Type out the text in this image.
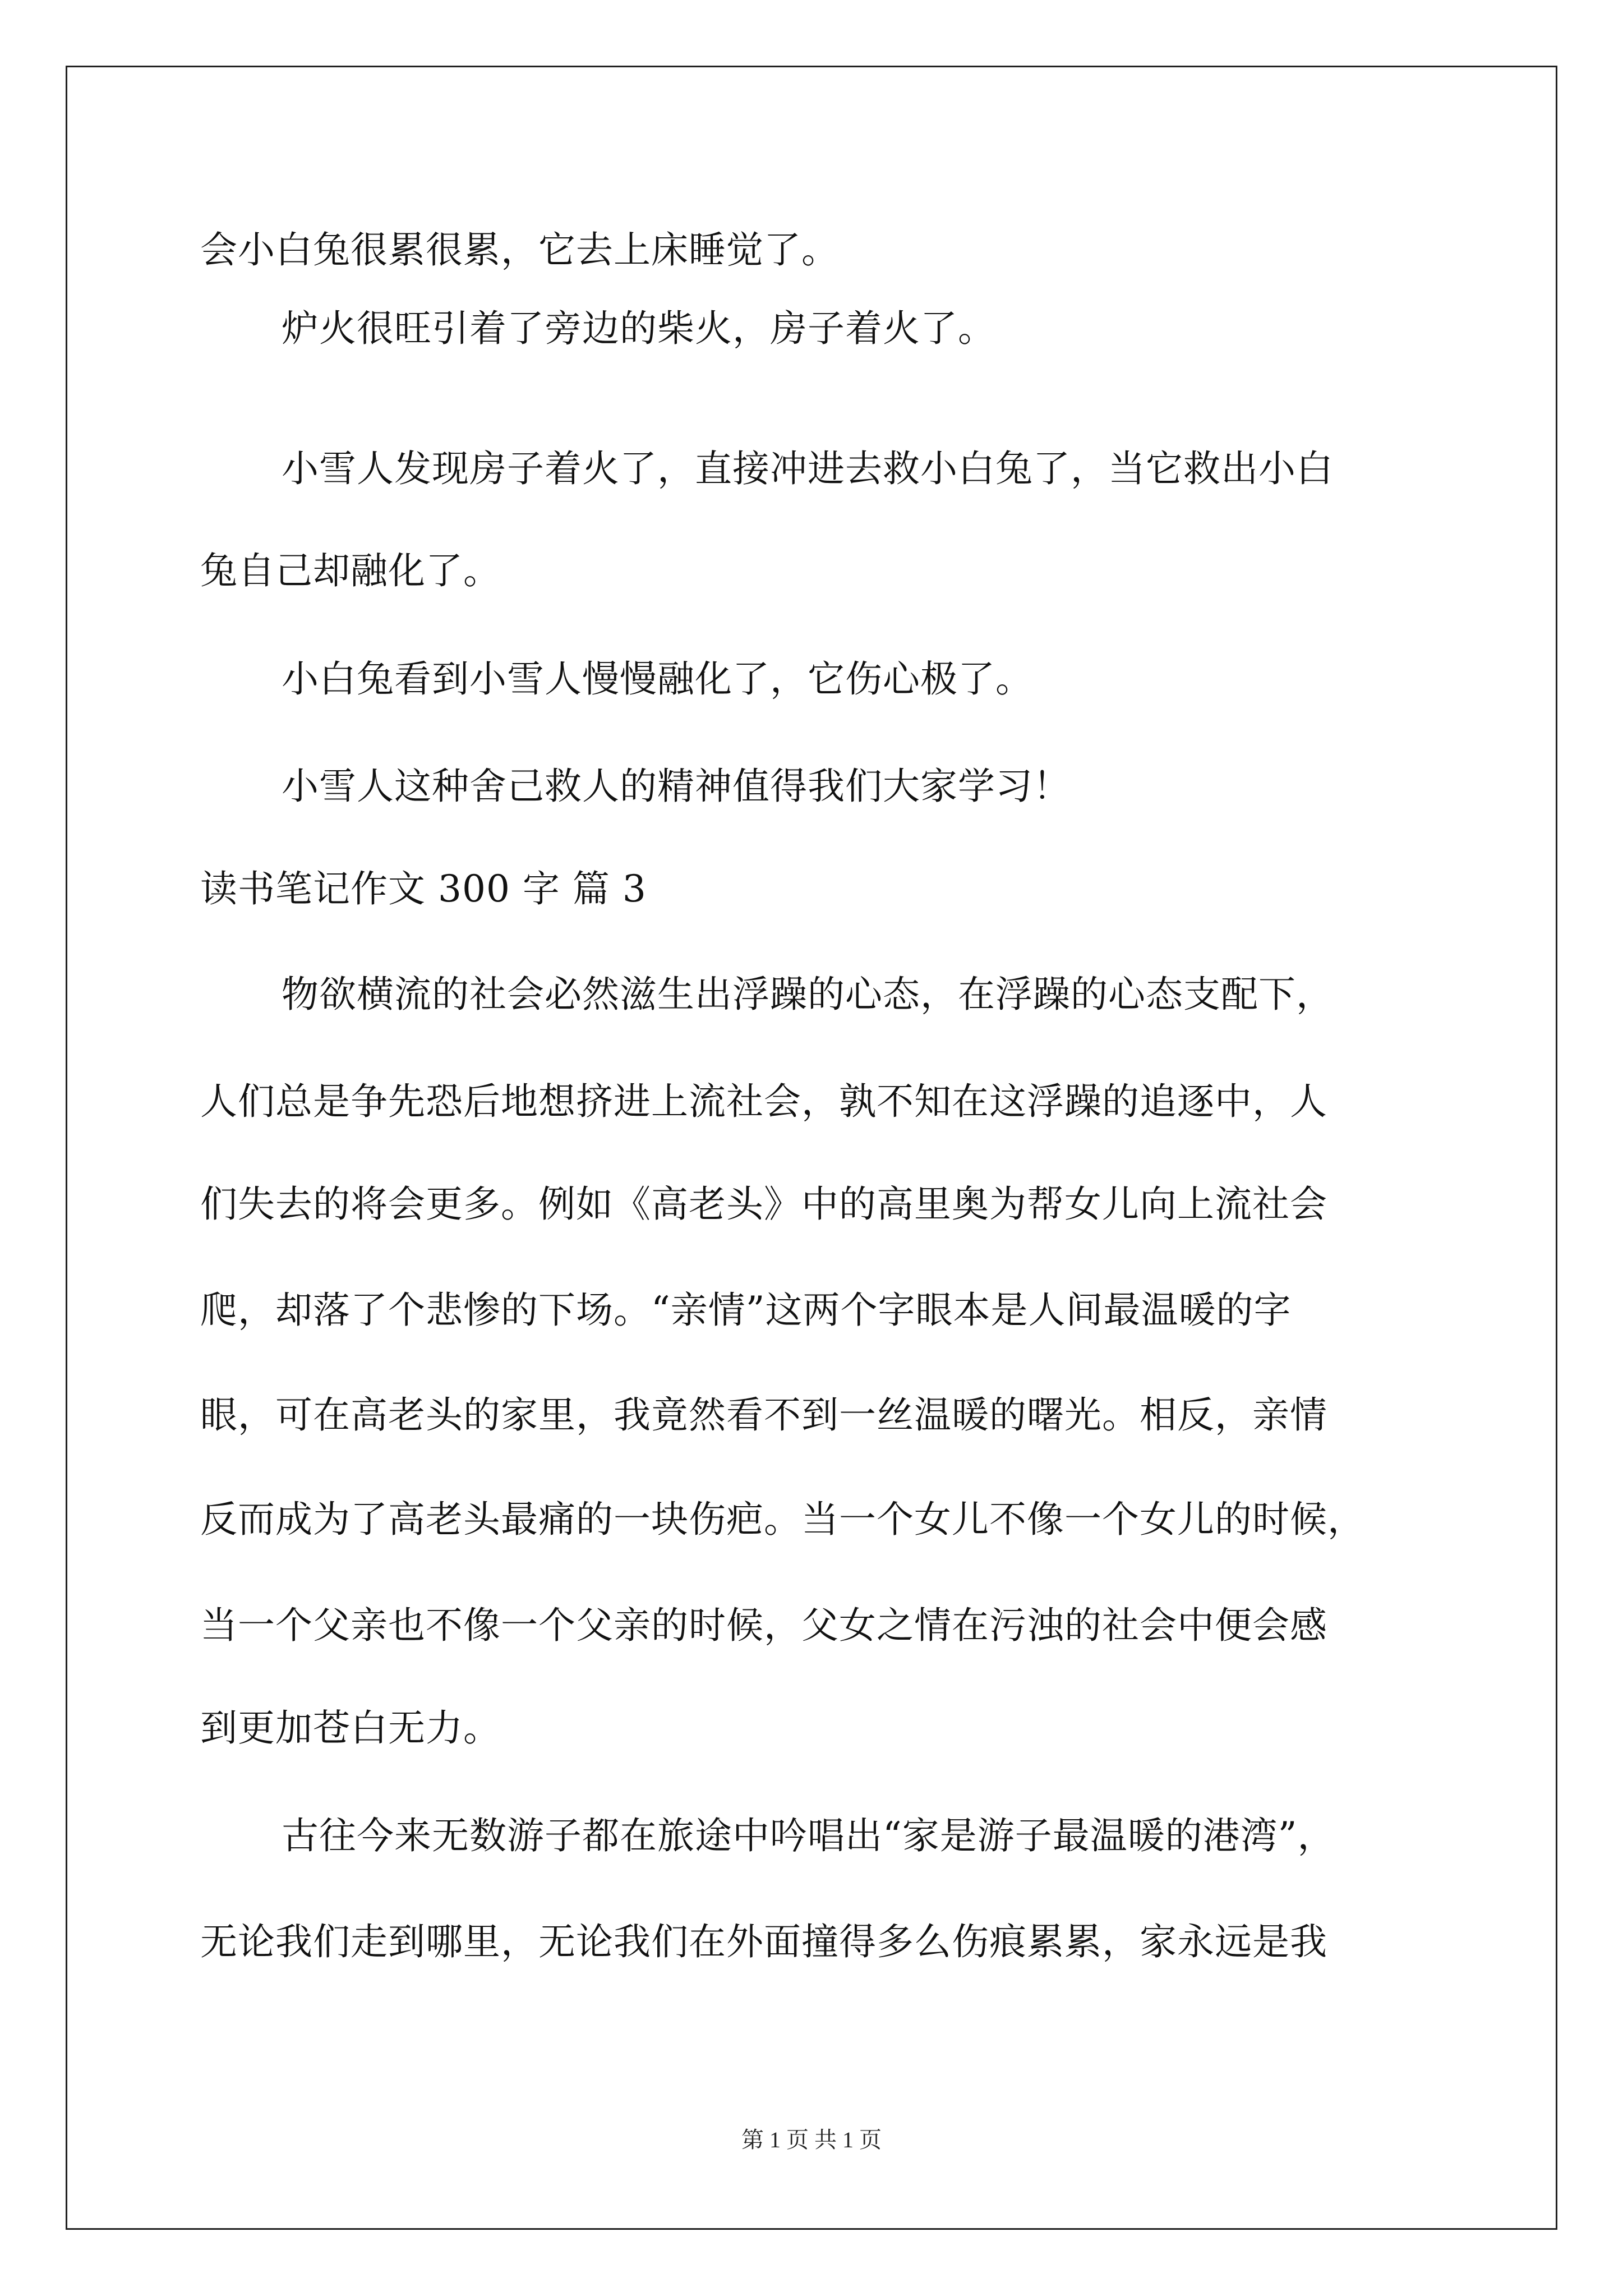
会小白兔很累很累，它去上床睡觉了。
炉火很旺引着了旁边的柴火，房子着火了。
小雪人发现房子着火了，直接冲进去救小白兔了，当它救出小白
兔自己却融化了。
小白兔看到小雪人慢慢融化了，它伤心极了。
小雪人这种舍己救人的精神值得我们大家学习！
读书笔记作文 300 字 篇 3
物欲横流的社会必然滋生出浮躁的心态，在浮躁的心态支配下，
人们总是争先恐后地想挤进上流社会，孰不知在这浮躁的追逐中，人
们失去的将会更多。例如《高老头》中的高里奥为帮女儿向上流社会
爬，却落了个悲惨的下场。“亲情”这两个字眼本是人间最温暖的字
眼，可在高老头的家里，我竟然看不到一丝温暖的曙光。相反，亲情
反而成为了高老头最痛的一块伤疤。当一个女儿不像一个女儿的时候，
当一个父亲也不像一个父亲的时候，父女之情在污浊的社会中便会感
到更加苍白无力。
古往今来无数游子都在旅途中吟唱出“家是游子最温暖的港湾”，
无论我们走到哪里，无论我们在外面撞得多么伤痕累累，家永远是我
第 1 页 共 1 页
